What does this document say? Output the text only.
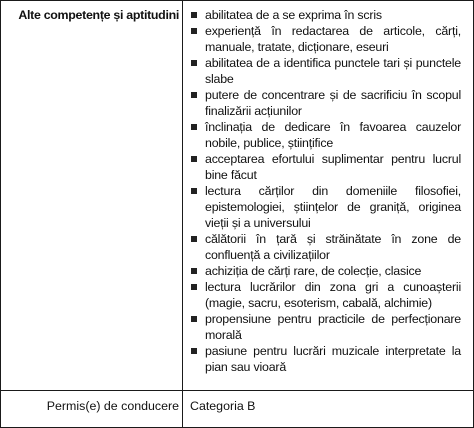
Alte competențe și aptitudini abilitatea de a se exprima în scris
experiență în redactarea de articole, cărți, manuale, tratate, dicționare, eseuri
abilitatea de a identifica punctele tari și punctele slabe
putere de concentrare și de sacrificiu în scopul finalizării acțiunilor
înclinația de dedicare în favoarea cauzelor nobile, publice, științifice
acceptarea efortului suplimentar pentru lucrul bine făcut
lectura cărților din domeniile filosofiei, epistemologiei, științelor de graniță, originea vieții și a universului
călătorii în țară și străinătate în zone de confluență a civilizațiilor
achiziția de cărți rare, de colecție, clasice
lectura lucrărilor din zona gri a cunoașterii (magie, sacru, esoterism, cabală, alchimie)
propensiune pentru practicile de perfecționare morală
pasiune pentru lucrări muzicale interpretate la pian sau vioară
Permis(e) de conducere Categoria B
